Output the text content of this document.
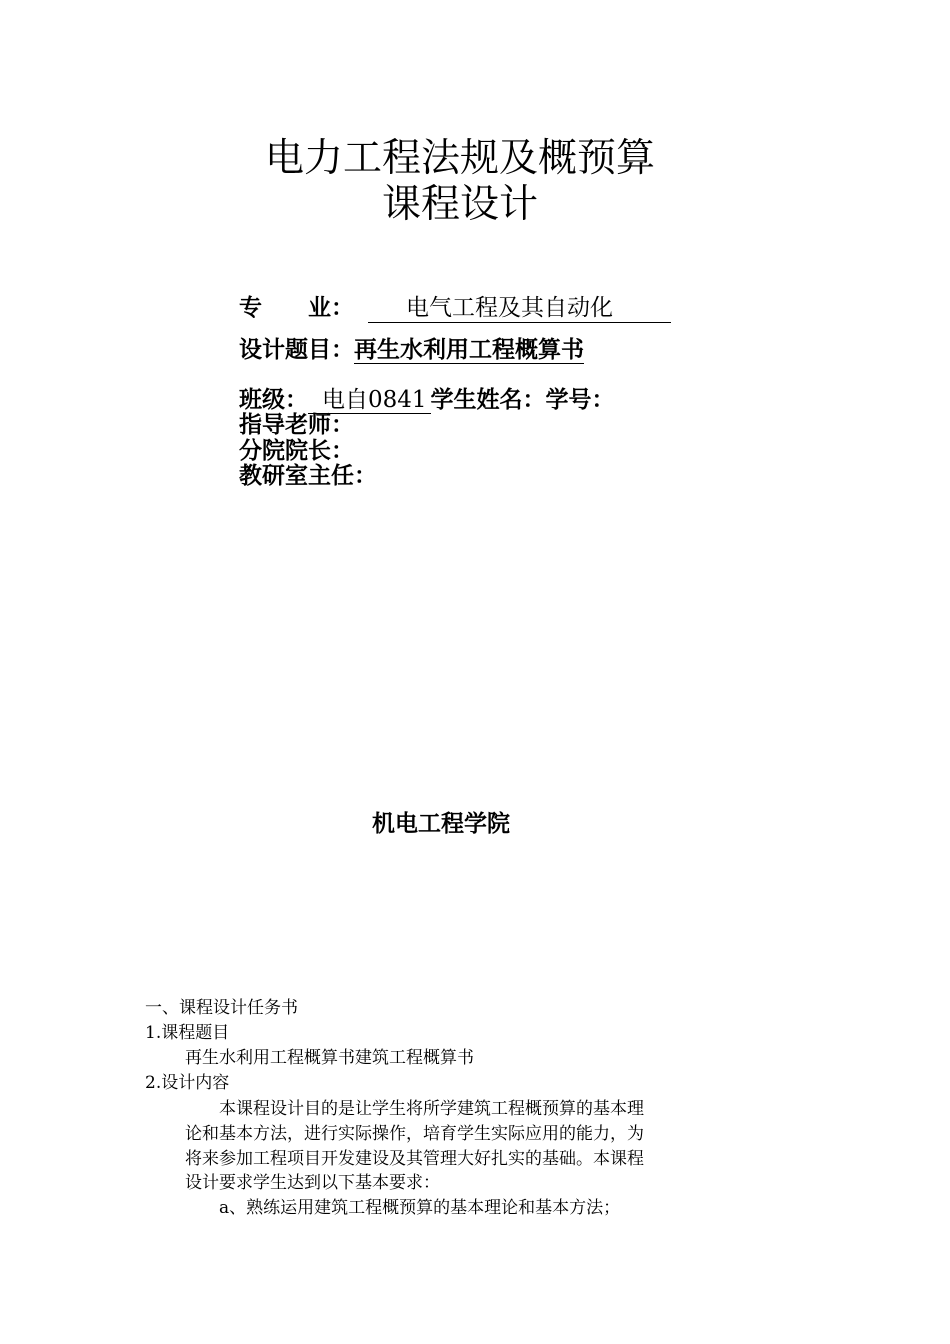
电力工程法规及概预算
课程设计
专　　业：	电气工程及其自动化
设计题目：再生水利用工程概算书
班级： 电自0841 学生姓名：学号：
指导老师：
分院院长：
教研室主任：
机电工程学院
一、课程设计任务书
1.课程题目
再生水利用工程概算书建筑工程概算书
2.设计内容
本课程设计目的是让学生将所学建筑工程概预算的基本理
论和基本方法，进行实际操作，培育学生实际应用的能力，为
将来参加工程项目开发建设及其管理大好扎实的基础。本课程
设计要求学生达到以下基本要求：
a、熟练运用建筑工程概预算的基本理论和基本方法；
